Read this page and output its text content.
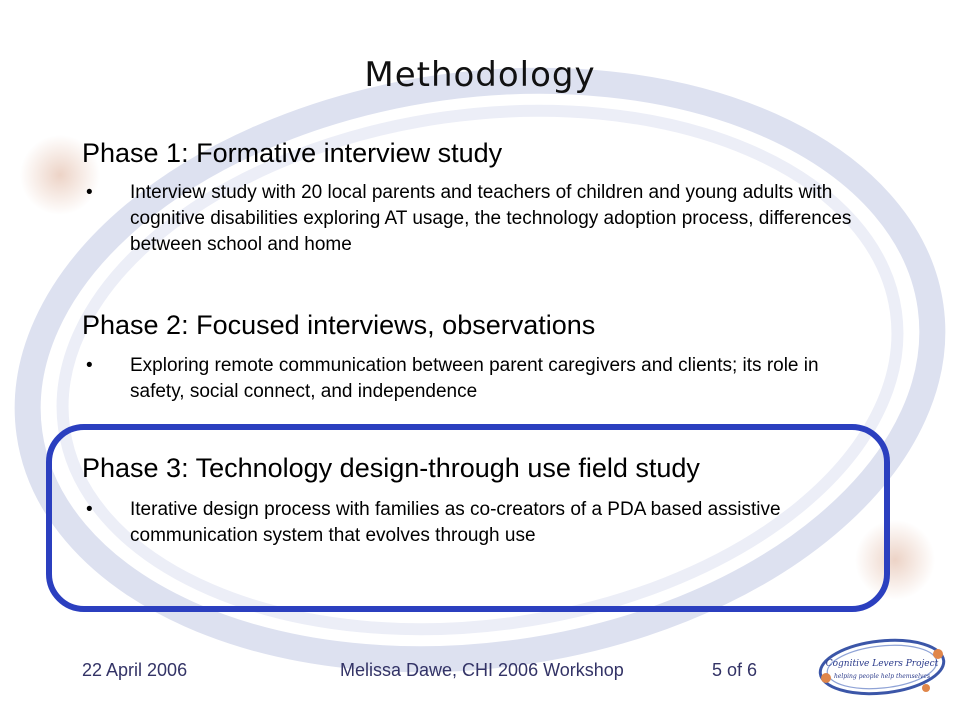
Methodology
Phase 1: Formative interview study
• Interview study with 20 local parents and teachers of children and young adults with cognitive disabilities exploring AT usage, the technology adoption process, differences between school and home
Phase 2: Focused interviews, observations
• Exploring remote communication between parent caregivers and clients; its role in safety, social connect, and independence
Phase 3: Technology design-through use field study
• Iterative design process with families as co-creators of a PDA based assistive communication system that evolves through use
22 April 2006	Melissa Dawe, CHI 2006 Workshop	5 of 6	Cognitive Levers Project
helping people help themselves
